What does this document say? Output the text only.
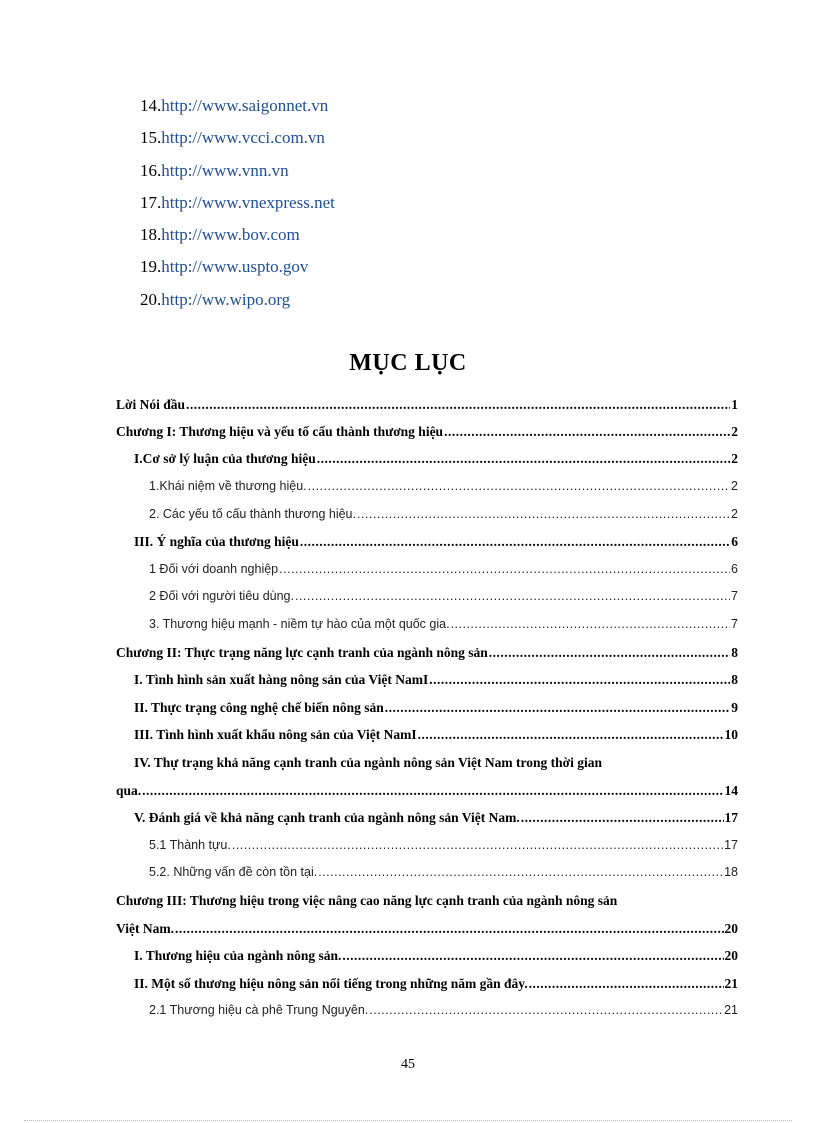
14.http://www.saigonnet.vn
15.http://www.vcci.com.vn
16.http://www.vnn.vn
17.http://www.vnexpress.net
18.http://www.bov.com
19.http://www.uspto.gov
20.http://ww.wipo.org
MỤC LỤC
Lời Nói đầu .....	1
Chương I: Thương hiệu và yếu tố cấu thành thương hiệu .....	2
I.Cơ sở lý luận của thương hiệu .....	2
1.Khái niệm về thương hiệu. .....	2
2. Các yếu tố cấu thành thương hiệu. .....	2
III. Ý nghĩa của thương hiệu .....	6
1 Đối với doanh nghiệp .....	6
2 Đối với người tiêu dùng. .....	7
3. Thương hiệu mạnh - niềm tự hào của một quốc gia. .....	7
Chương II: Thực trạng năng lực cạnh tranh của ngành nông sản .....	8
I. Tình hình sản xuất hàng nông sản của Việt NamI .....	8
II. Thực trạng công nghệ chế biến nông sản .....	9
III. Tình hình xuất khẩu nông sản của Việt NamI .....	10
IV. Thự trạng khả năng cạnh tranh của ngành nông sản Việt Nam trong thời gian
qua. .....	14
V. Đánh giá về khả năng cạnh tranh của ngành nông sản Việt Nam. .....	17
5.1 Thành tựu. .....	17
5.2. Những vấn đề còn tồn tại. .....	18
Chương III: Thương hiệu trong việc nâng cao năng lực cạnh tranh của ngành nông sản
Việt Nam. .....	20
I. Thương hiệu của ngành nông sản. .....	20
II. Một số thương hiệu nông sản nổi tiếng trong những năm gần đây. .....	21
2.1 Thương hiệu cà phê Trung Nguyên. .....	21
45
